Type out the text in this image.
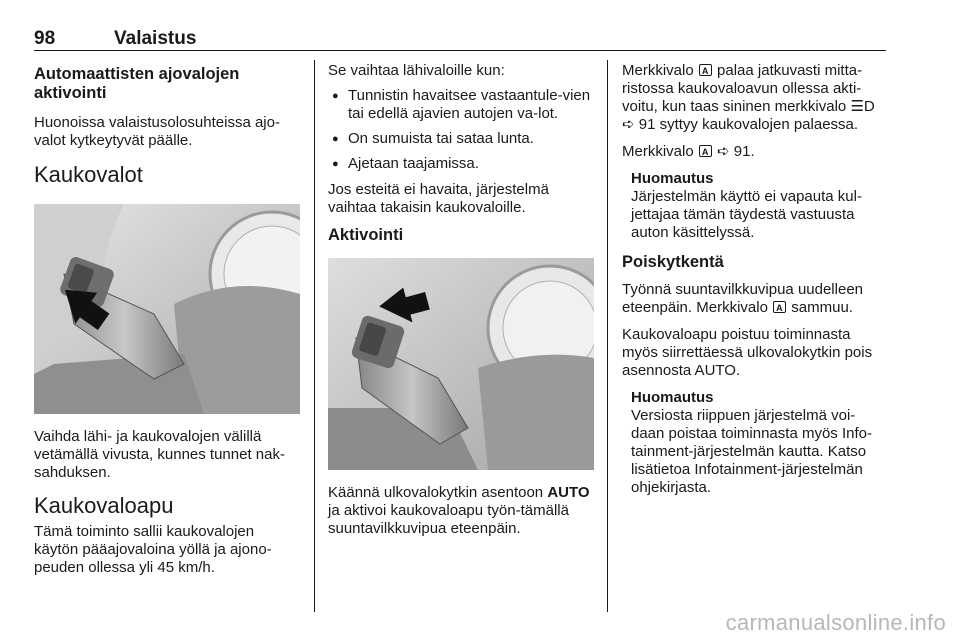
98	Valaistus
Automaattisten ajovalojen aktivointi

Huonoissa valaistusolosuhteissa ajo-valot kytkeytyvät päälle.

Kaukovalot

Vaihda lähi- ja kaukovalojen välillä vetämällä vivusta, kunnes tunnet nak-sahduksen.

Kaukovaloapu

Tämä toiminto sallii kaukovalojen käytön pääajovaloina yöllä ja ajono-peuden ollessa yli 45 km/h.

Se vaihtaa lähivaloille kun:

● Tunnistin havaitsee vastaantule-vien tai edellä ajavien autojen va-lot.
● On sumuista tai sataa lunta.
● Ajetaan taajamissa.

Jos esteitä ei havaita, järjestelmä vaihtaa takaisin kaukovaloille.

Aktivointi

Käännä ulkovalokytkin asentoon AUTO ja aktivoi kaukovaloapu työn-tämällä suuntavilkkuvipua eteenpäin.

Merkkivalo A palaa jatkuvasti mitta-ristossa kaukovaloavun ollessa akti-voitu, kun taas sininen merkkivalo ☰D ➪ 91 syttyy kaukovalojen palaessa.

Merkkivalo A ➪ 91.

Huomautus
Järjestelmän käyttö ei vapauta kul-jettajaa tämän täydestä vastuusta auton käsittelyssä.
Poiskytkentä

Työnnä suuntavilkkuvipua uudelleen eteenpäin. Merkkivalo A sammuu.

Kaukovaloapu poistuu toiminnasta myös siirrettäessä ulkovalokytkin pois asennosta AUTO.

Huomautus
Versiosta riippuen järjestelmä voi-daan poistaa toiminnasta myös Info-tainment-järjestelmän kautta. Katso lisätietoa Infotainment-järjestelmän ohjekirjasta.
carmanualsonline.info
